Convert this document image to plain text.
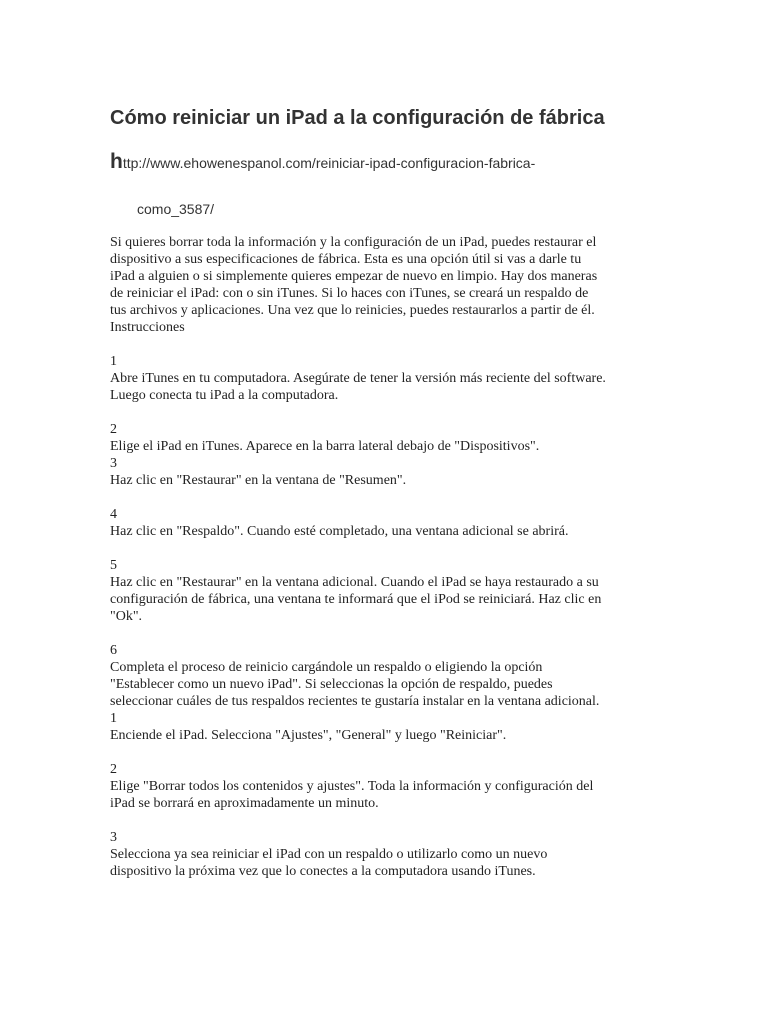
Cómo reiniciar un iPad a la configuración de fábrica
http://www.ehowenespanol.com/reiniciar-ipad-configuracion-fabrica-
como_3587/

Si quieres borrar toda la información y la configuración de un iPad, puedes restaurar el

dispositivo a sus especificaciones de fábrica. Esta es una opción útil si vas a darle tu

iPad a alguien o si simplemente quieres empezar de nuevo en limpio. Hay dos maneras

de reiniciar el iPad: con o sin iTunes. Si lo haces con iTunes, se creará un respaldo de

tus archivos y aplicaciones. Una vez que lo reinicies, puedes restaurarlos a partir de él.

Instrucciones

1

Abre iTunes en tu computadora. Asegúrate de tener la versión más reciente del software.

Luego conecta tu iPad a la computadora.

2

Elige el iPad en iTunes. Aparece en la barra lateral debajo de "Dispositivos".

3

Haz clic en "Restaurar" en la ventana de "Resumen".

4

Haz clic en "Respaldo". Cuando esté completado, una ventana adicional se abrirá.

5

Haz clic en "Restaurar" en la ventana adicional. Cuando el iPad se haya restaurado a su

configuración de fábrica, una ventana te informará que el iPod se reiniciará. Haz clic en

"Ok".

6

Completa el proceso de reinicio cargándole un respaldo o eligiendo la opción

"Establecer como un nuevo iPad". Si seleccionas la opción de respaldo, puedes

seleccionar cuáles de tus respaldos recientes te gustaría instalar en la ventana adicional.

1

Enciende el iPad. Selecciona "Ajustes", "General" y luego "Reiniciar".

2

Elige "Borrar todos los contenidos y ajustes". Toda la información y configuración del

iPad se borrará en aproximadamente un minuto.

3

Selecciona ya sea reiniciar el iPad con un respaldo o utilizarlo como un nuevo

dispositivo la próxima vez que lo conectes a la computadora usando iTunes.
